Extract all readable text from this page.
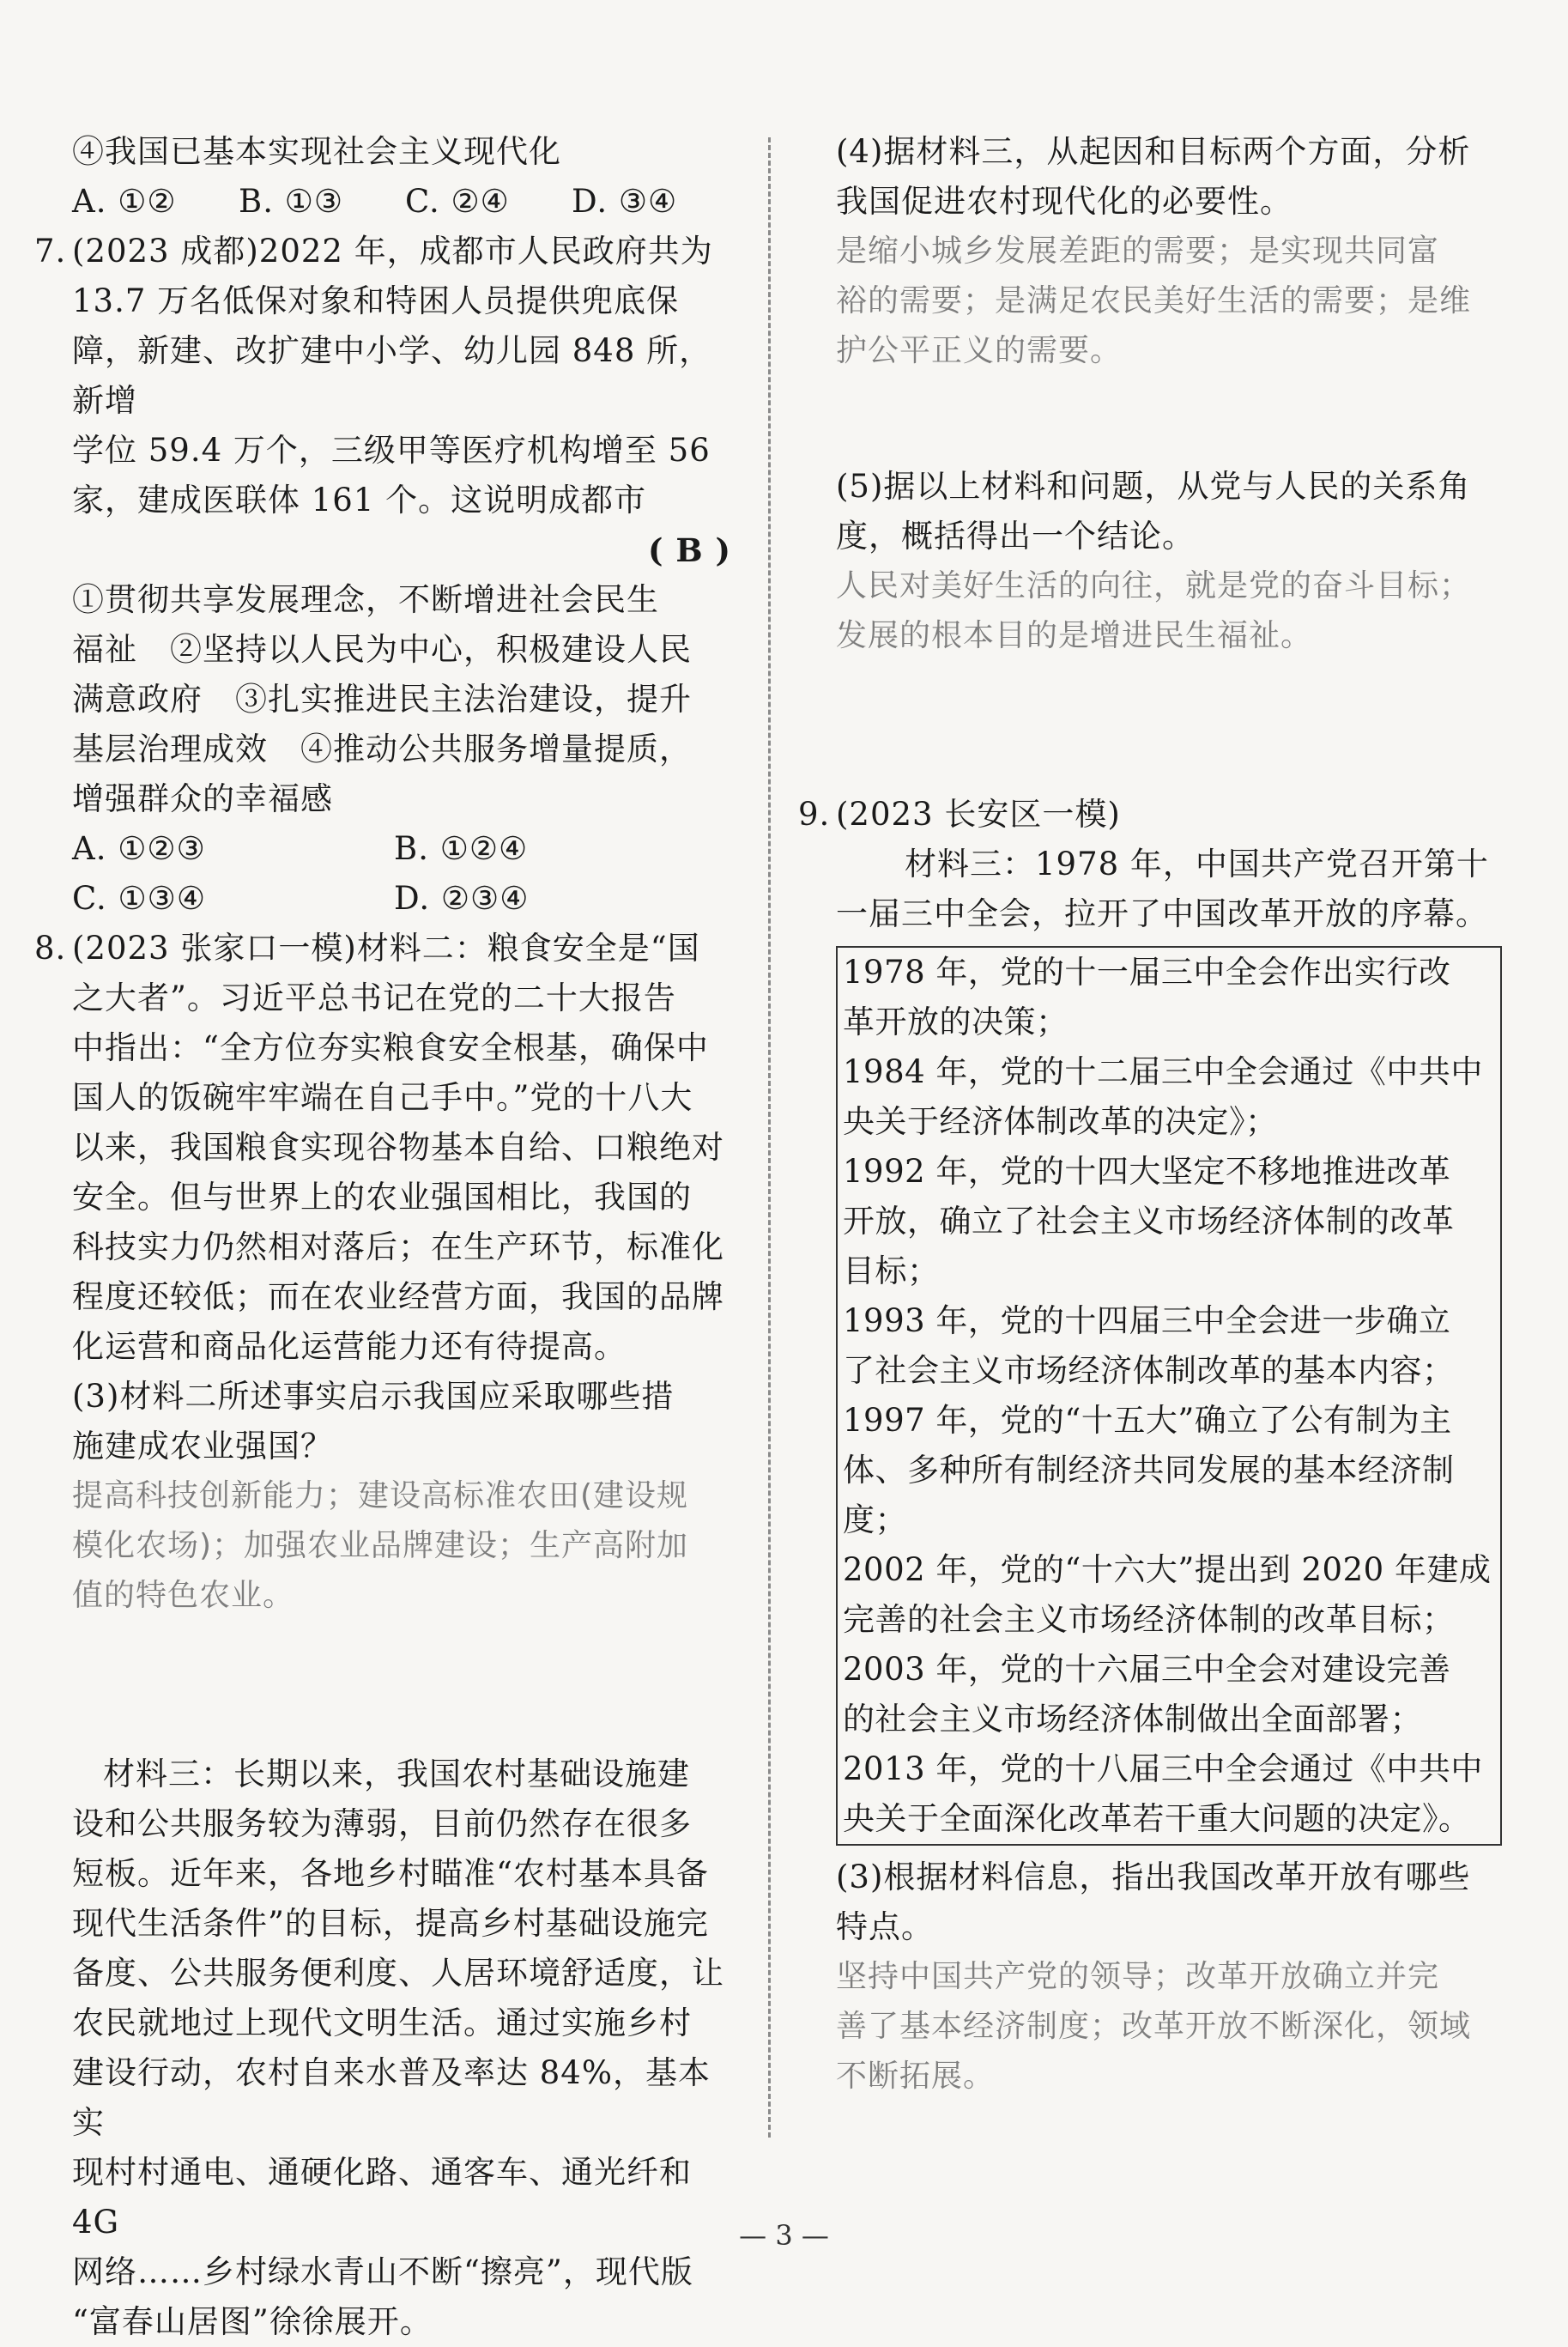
④我国已基本实现社会主义现代化

A. ①②	B. ①③	C. ②④	D. ③④

7. (2023 成都)2022 年，成都市人民政府共为

13.7 万名低保对象和特困人员提供兜底保

障，新建、改扩建中小学、幼儿园 848 所，新增

学位 59.4 万个，三级甲等医疗机构增至 56

家，建成医联体 161 个。这说明成都市

( B )

①贯彻共享发展理念，不断增进社会民生

福祉　②坚持以人民为中心，积极建设人民

满意政府　③扎实推进民主法治建设，提升

基层治理成效　④推动公共服务增量提质，

增强群众的幸福感

A. ①②③	B. ①②④
C. ①③④	D. ②③④

8. (2023 张家口一模)材料二：粮食安全是“国

之大者”。习近平总书记在党的二十大报告

中指出：“全方位夯实粮食安全根基，确保中

国人的饭碗牢牢端在自己手中。”党的十八大

以来，我国粮食实现谷物基本自给、口粮绝对

安全。但与世界上的农业强国相比，我国的

科技实力仍然相对落后；在生产环节，标准化

程度还较低；而在农业经营方面，我国的品牌

化运营和商品化运营能力还有待提高。

(3)材料二所述事实启示我国应采取哪些措

施建成农业强国？

提高科技创新能力；建设高标准农田(建设规

模化农场)；加强农业品牌建设；生产高附加

值的特色农业。

材料三：长期以来，我国农村基础设施建

设和公共服务较为薄弱，目前仍然存在很多

短板。近年来，各地乡村瞄准“农村基本具备

现代生活条件”的目标，提高乡村基础设施完

备度、公共服务便利度、人居环境舒适度，让

农民就地过上现代文明生活。通过实施乡村

建设行动，农村自来水普及率达 84%，基本实

现村村通电、通硬化路、通客车、通光纤和 4G

网络……乡村绿水青山不断“擦亮”，现代版

“富春山居图”徐徐展开。

(4)据材料三，从起因和目标两个方面，分析

我国促进农村现代化的必要性。

是缩小城乡发展差距的需要；是实现共同富

裕的需要；是满足农民美好生活的需要；是维

护公平正义的需要。

(5)据以上材料和问题，从党与人民的关系角

度，概括得出一个结论。

人民对美好生活的向往，就是党的奋斗目标；

发展的根本目的是增进民生福祉。

9. (2023 长安区一模)

材料三：1978 年，中国共产党召开第十

一届三中全会，拉开了中国改革开放的序幕。

1978 年，党的十一届三中全会作出实行改

革开放的决策；

1984 年，党的十二届三中全会通过《中共中

央关于经济体制改革的决定》；

1992 年，党的十四大坚定不移地推进改革

开放，确立了社会主义市场经济体制的改革

目标；

1993 年，党的十四届三中全会进一步确立

了社会主义市场经济体制改革的基本内容；

1997 年，党的“十五大”确立了公有制为主

体、多种所有制经济共同发展的基本经济制

度；

2002 年，党的“十六大”提出到 2020 年建成

完善的社会主义市场经济体制的改革目标；

2003 年，党的十六届三中全会对建设完善

的社会主义市场经济体制做出全面部署；

2013 年，党的十八届三中全会通过《中共中

央关于全面深化改革若干重大问题的决定》。

(3)根据材料信息，指出我国改革开放有哪些

特点。

坚持中国共产党的领导；改革开放确立并完

善了基本经济制度；改革开放不断深化，领域

不断拓展。

— 3 —
